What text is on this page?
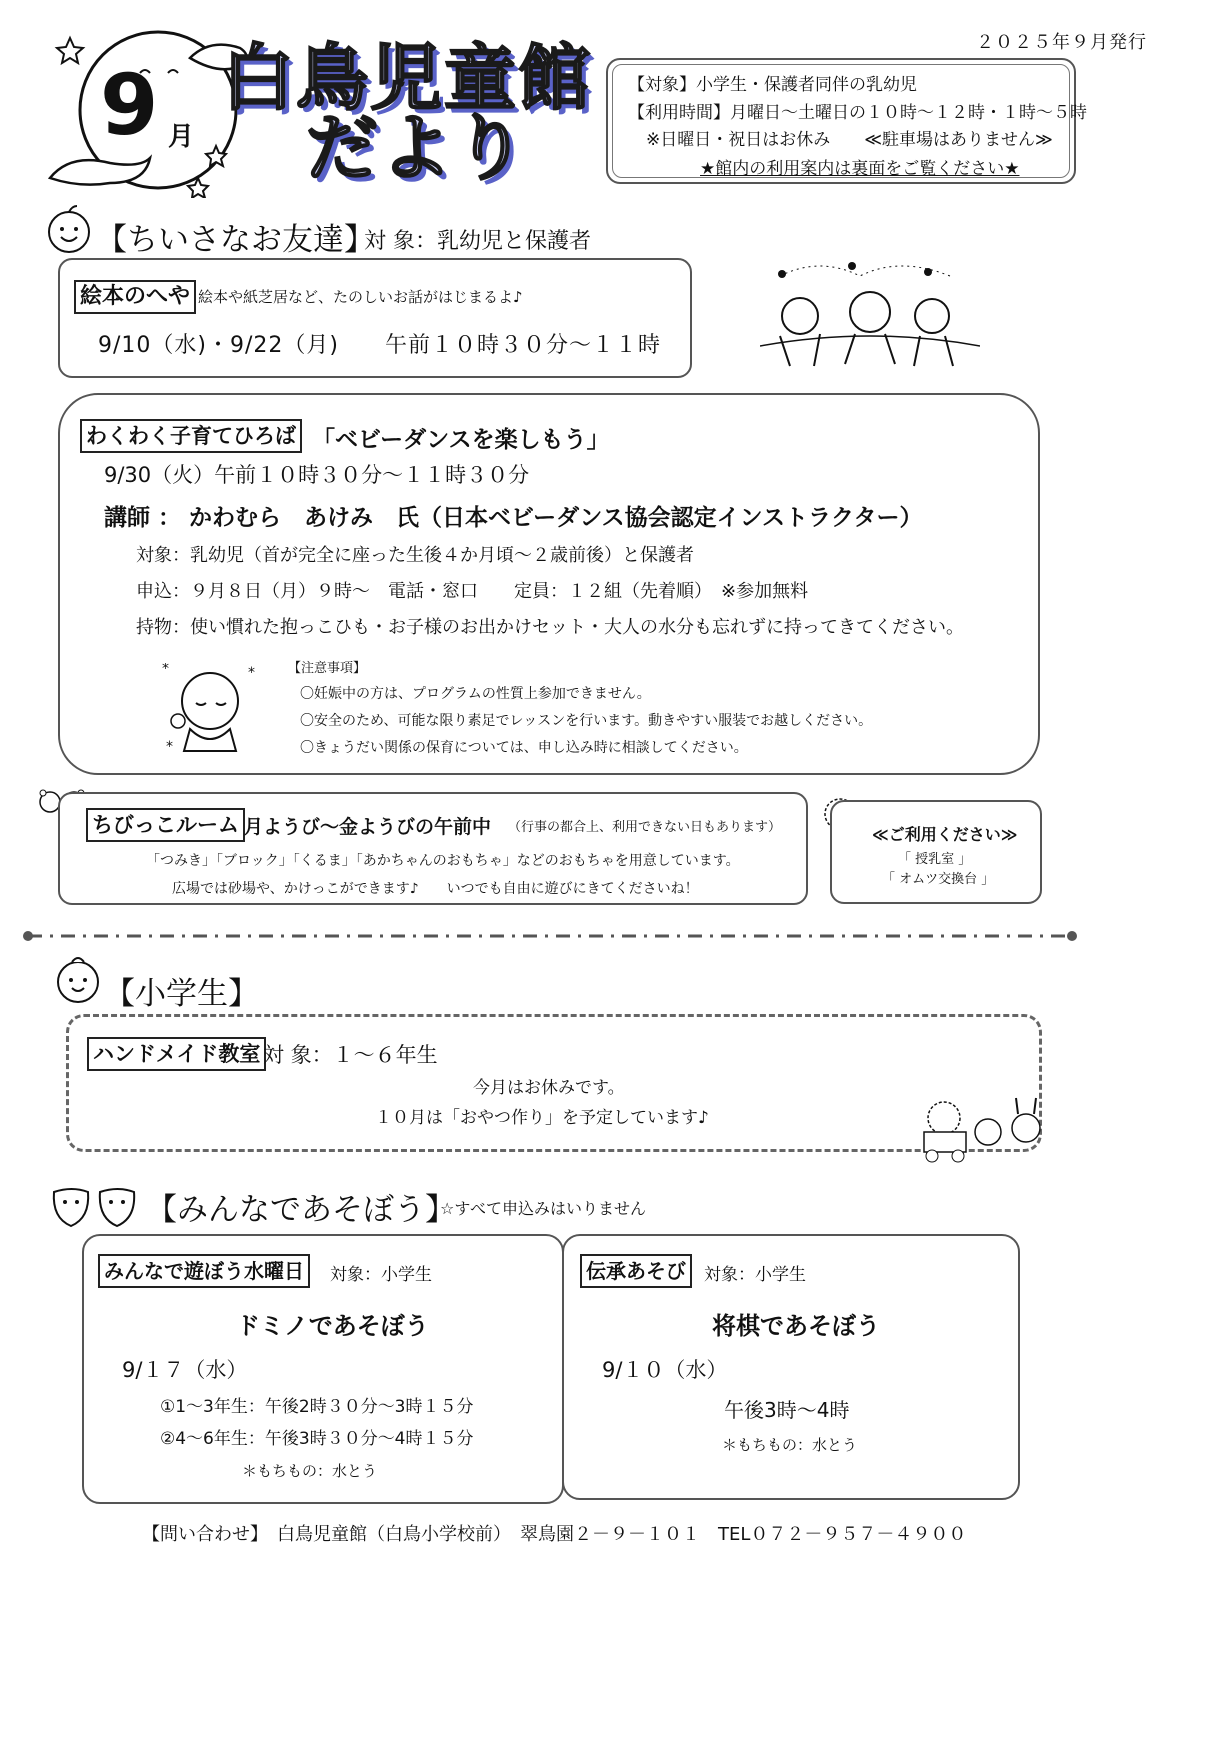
２０２５年９月発行
9 月
白鳥児童館
だより
【対象】小学生・保護者同伴の乳幼児
【利用時間】月曜日～土曜日の１０時～１２時・１時～５時
※日曜日・祝日はお休み　　≪駐車場はありません≫
★館内の利用案内は裏面をご覧ください★
【ちいさなお友達】
対 象：乳幼児と保護者
絵本のへや 絵本や紙芝居など、たのしいお話がはじまるよ♪
9/10（水)・9/22（月)　　午前１０時３０分～１１時
わくわく子育てひろば 「ベビーダンスを楽しもう」
9/30（火）午前１０時３０分～１１時３０分
講師 ： かわむら　あけみ　氏（日本ベビーダンス協会認定インストラクター）
対象：乳幼児（首が完全に座った生後４か月頃～２歳前後）と保護者
申込：９月８日（月）９時～　電話・窓口　　定員：１２組（先着順）　※参加無料
持物：使い慣れた抱っこひも・お子様のお出かけセット・大人の水分も忘れずに持ってきてください。
*	*
*
【注意事項】
〇妊娠中の方は、プログラムの性質上参加できません。
〇安全のため、可能な限り素足でレッスンを行います。動きやすい服装でお越しください。
〇きょうだい関係の保育については、申し込み時に相談してください。
ちびっこルーム 月ようび～金ようびの午前中 （行事の都合上、利用できない日もあります）
「つみき」「ブロック」「くるま」「あかちゃんのおもちゃ」などのおもちゃを用意しています。
広場では砂場や、かけっこができます♪　　いつでも自由に遊びにきてくださいね！
≪ご利用ください≫
「 授乳室 」
「 オムツ交換台 」
【小学生】
ハンドメイド教室 対 象：１～６年生
今月はお休みです。
１０月は「おやつ作り」を予定しています♪
【みんなであそぼう】
☆すべて申込みはいりません
みんなで遊ぼう水曜日	対象：小学生
ドミノであそぼう
9/１７（水）
①1～3年生：午後2時３０分～3時１５分
②4～6年生：午後3時３０分～4時１５分
＊もちもの：水とう
伝承あそび	対象：小学生
将棋であそぼう
9/１０（水）
午後3時～4時
＊もちもの：水とう
【問い合わせ】　白鳥児童館（白鳥小学校前）　翠鳥園２－９－１０１　TEL０７２－９５７－４９００
